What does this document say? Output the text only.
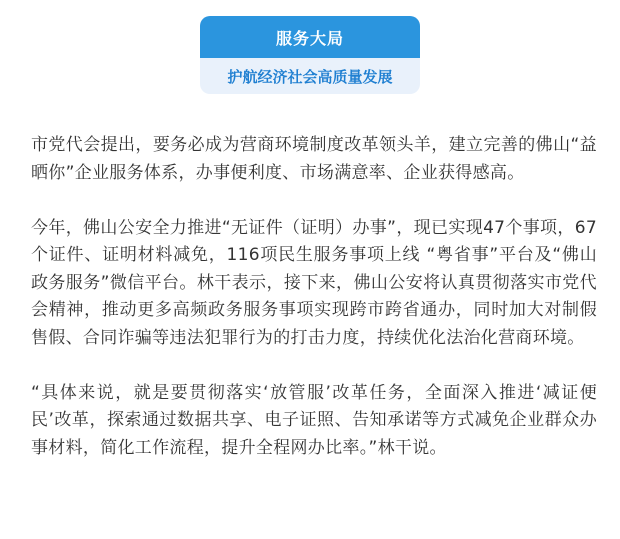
服务大局
护航经济社会高质量发展

市党代会提出，要务必成为营商环境制度改革领头羊，建立完善的佛山“益晒你”企业服务体系，办事便利度、市场满意率、企业获得感高。

今年，佛山公安全力推进“无证件（证明）办事”，现已实现47个事项，67个证件、证明材料减免，116项民生服务事项上线 “粤省事”平台及“佛山政务服务”微信平台。林干表示，接下来，佛山公安将认真贯彻落实市党代会精神，推动更多高频政务服务事项实现跨市跨省通办，同时加大对制假售假、合同诈骗等违法犯罪行为的打击力度，持续优化法治化营商环境。

“具体来说，就是要贯彻落实‘放管服’改革任务，全面深入推进‘减证便民’改革，探索通过数据共享、电子证照、告知承诺等方式减免企业群众办事材料，简化工作流程，提升全程网办比率。”林干说。
